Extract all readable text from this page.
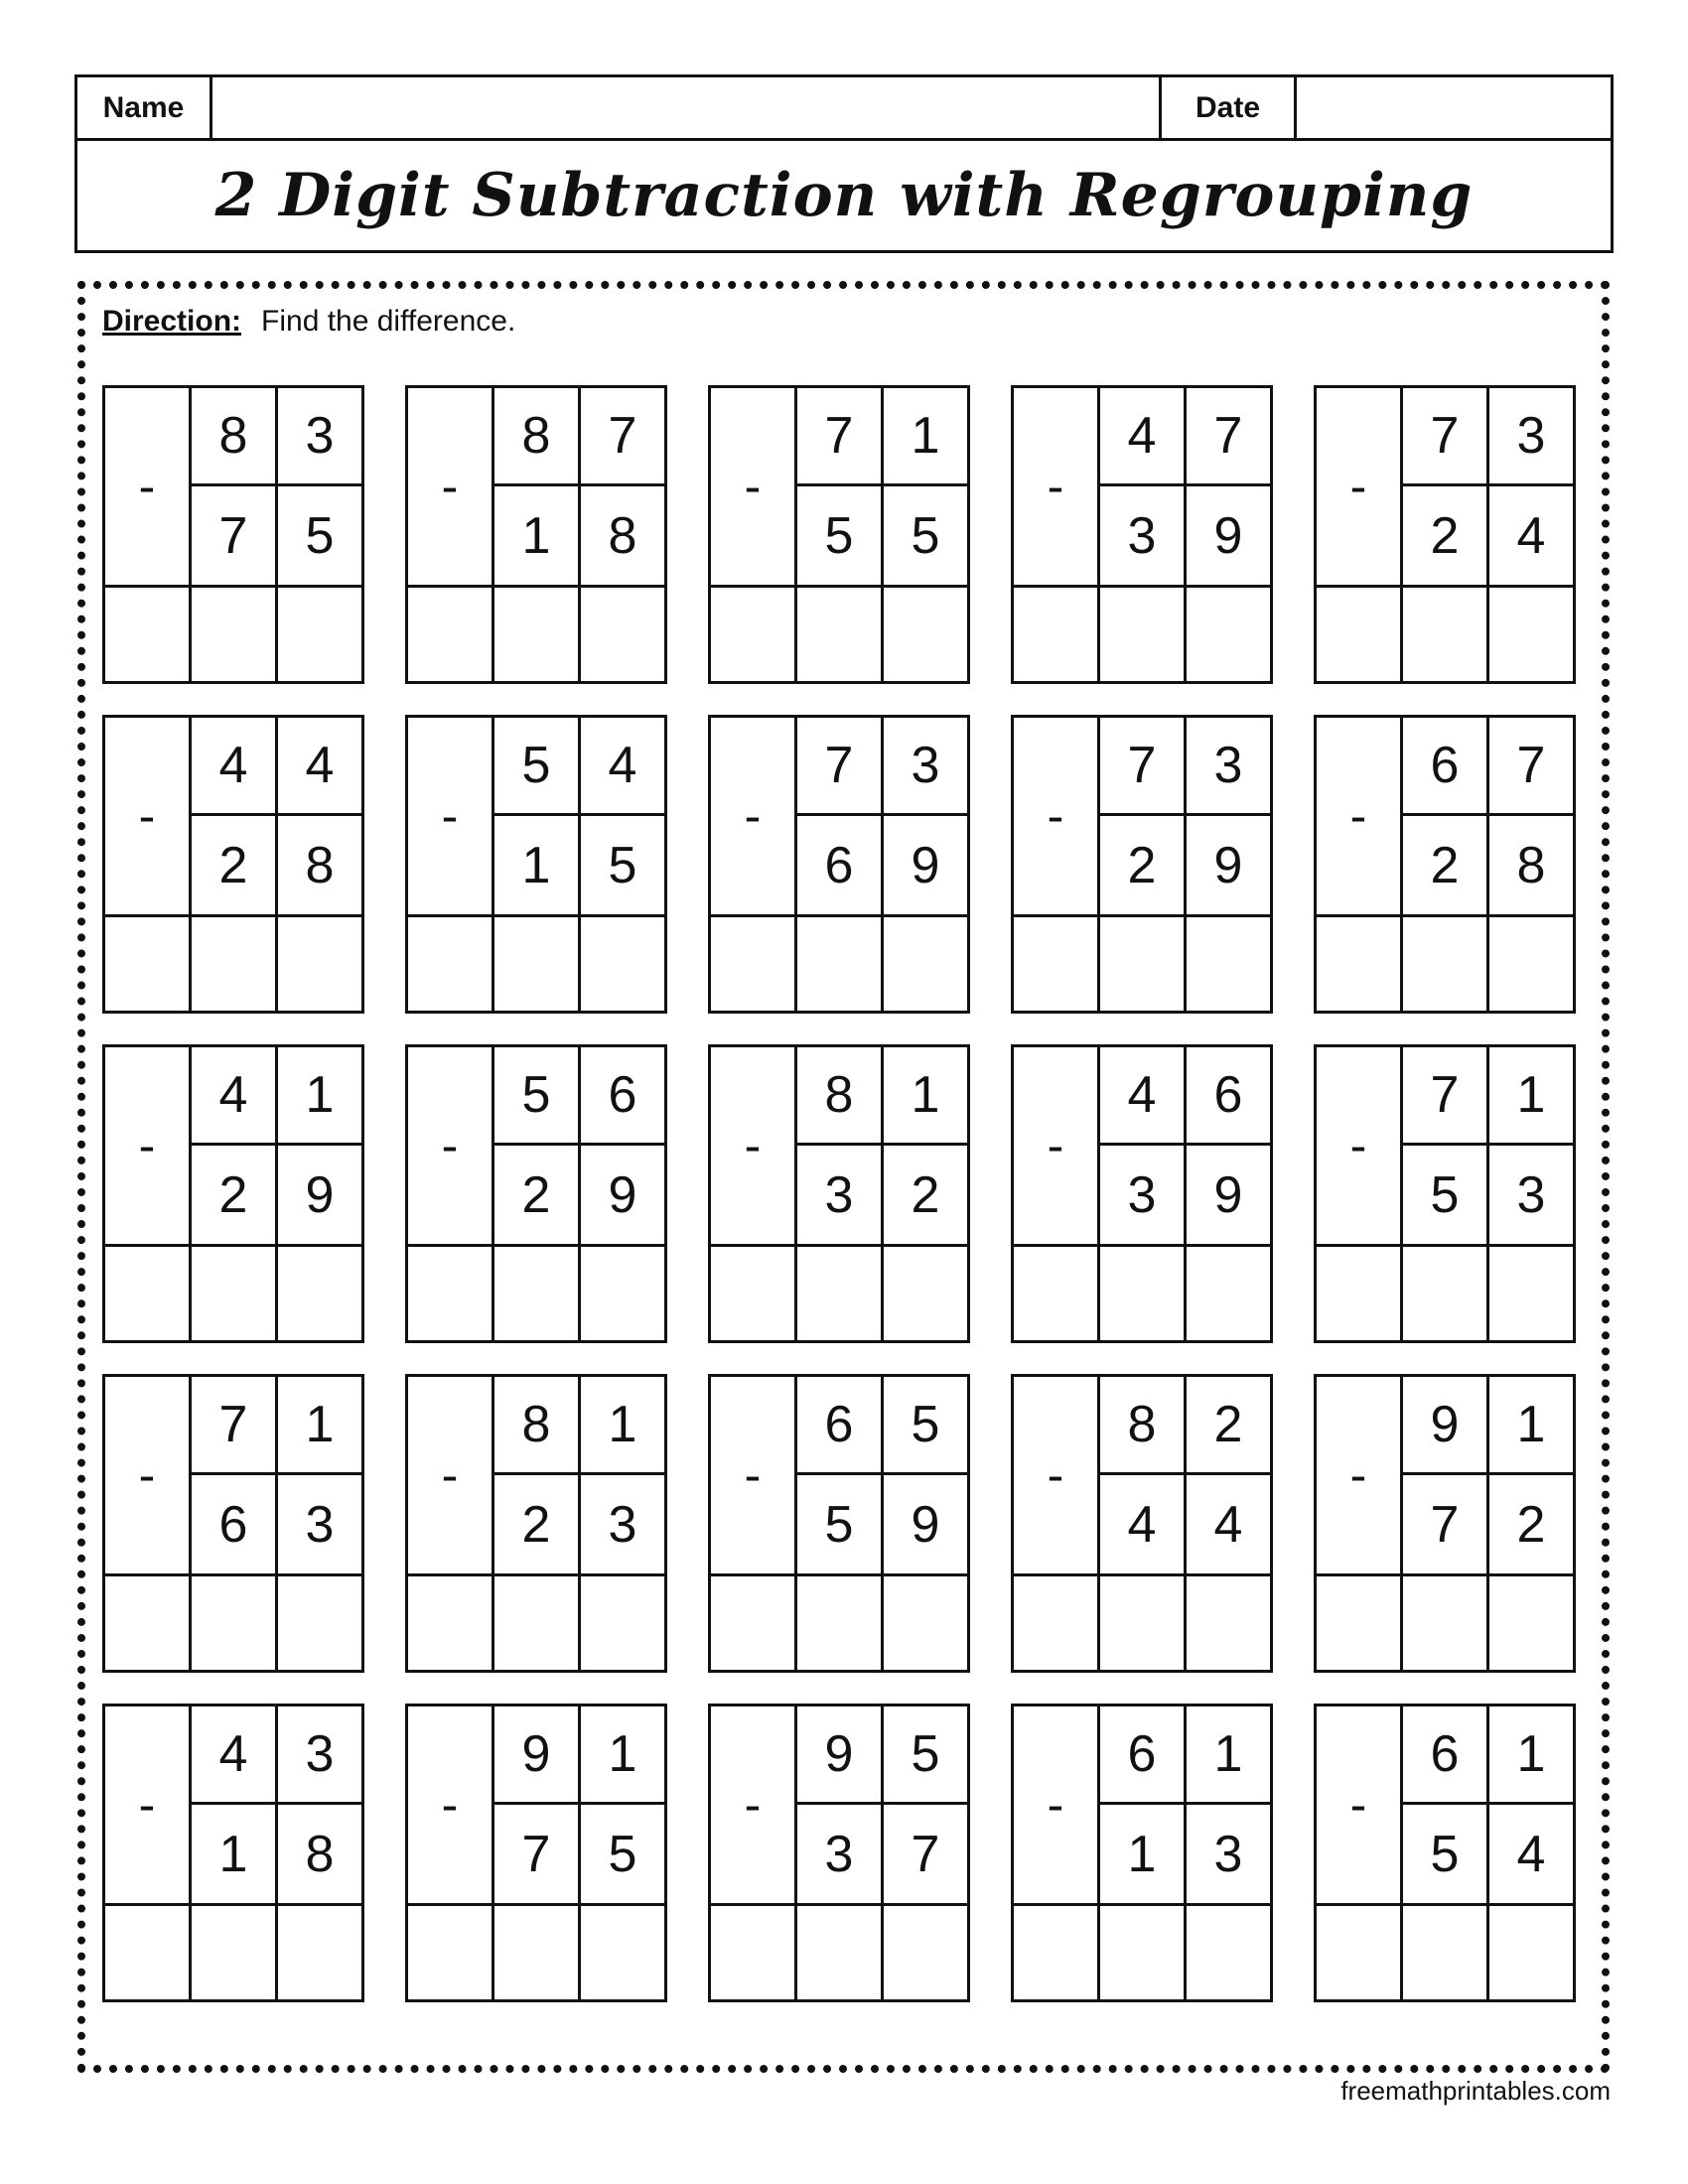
Name	Date
2 Digit Subtraction with Regrouping
Direction: Find the difference.
-
8	3
7	5
-
8	7
1	8
-
7	1
5	5
-
4	7
3	9
-
7	3
2	4
-
4	4
2	8
-
5	4
1	5
-
7	3
6	9
-
7	3
2	9
-
6	7
2	8
-
4	1
2	9
-
5	6
2	9
-
8	1
3	2
-
4	6
3	9
-
7	1
5	3
-
7	1
6	3
-
8	1
2	3
-
6	5
5	9
-
8	2
4	4
-
9	1
7	2
-
4	3
1	8
-
9	1
7	5
-
9	5
3	7
-
6	1
1	3
-
6	1
5	4
freemathprintables.com
